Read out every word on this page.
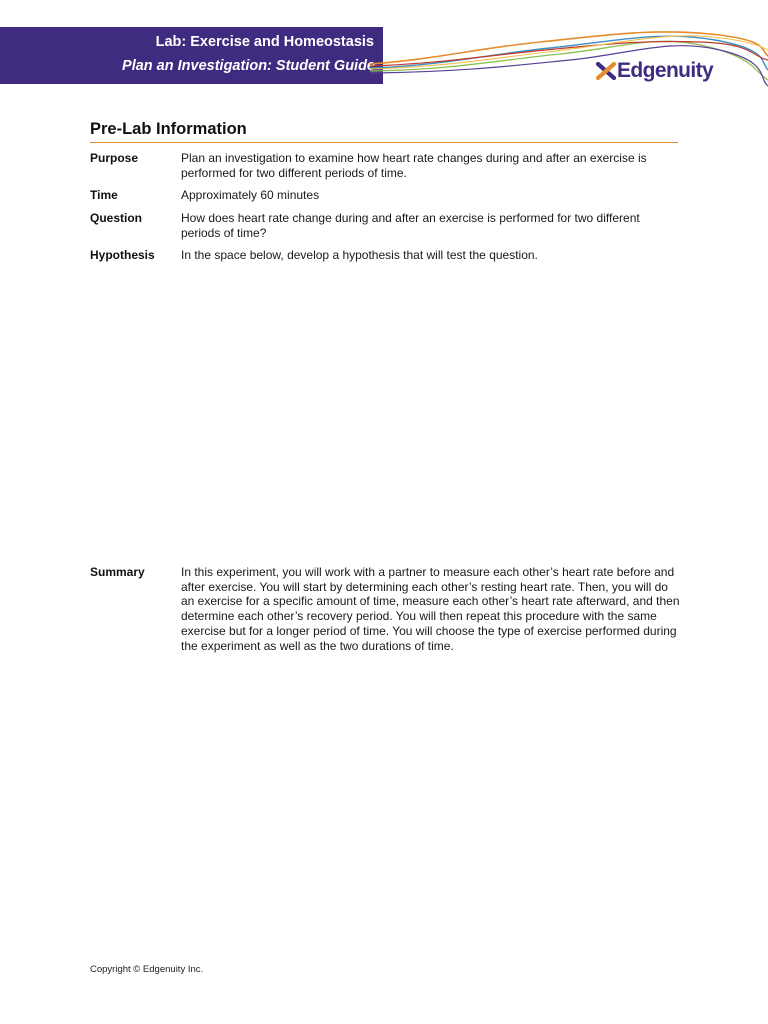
Lab: Exercise and Homeostasis
Plan an Investigation: Student Guide	Edgenuity
Pre-Lab Information
Purpose	Plan an investigation to examine how heart rate changes during and after an exercise is performed for two different periods of time.
Time	Approximately 60 minutes
Question	How does heart rate change during and after an exercise is performed for two different periods of time?
Hypothesis In the space below, develop a hypothesis that will test the question.
Summary	In this experiment, you will work with a partner to measure each other’s heart rate before and after exercise. You will start by determining each other’s resting heart rate. Then, you will do an exercise for a specific amount of time, measure each other’s heart rate afterward, and then determine each other’s recovery period. You will then repeat this procedure with the same exercise but for a longer period of time. You will choose the type of exercise performed during the experiment as well as the two durations of time.
Copyright © Edgenuity Inc.
